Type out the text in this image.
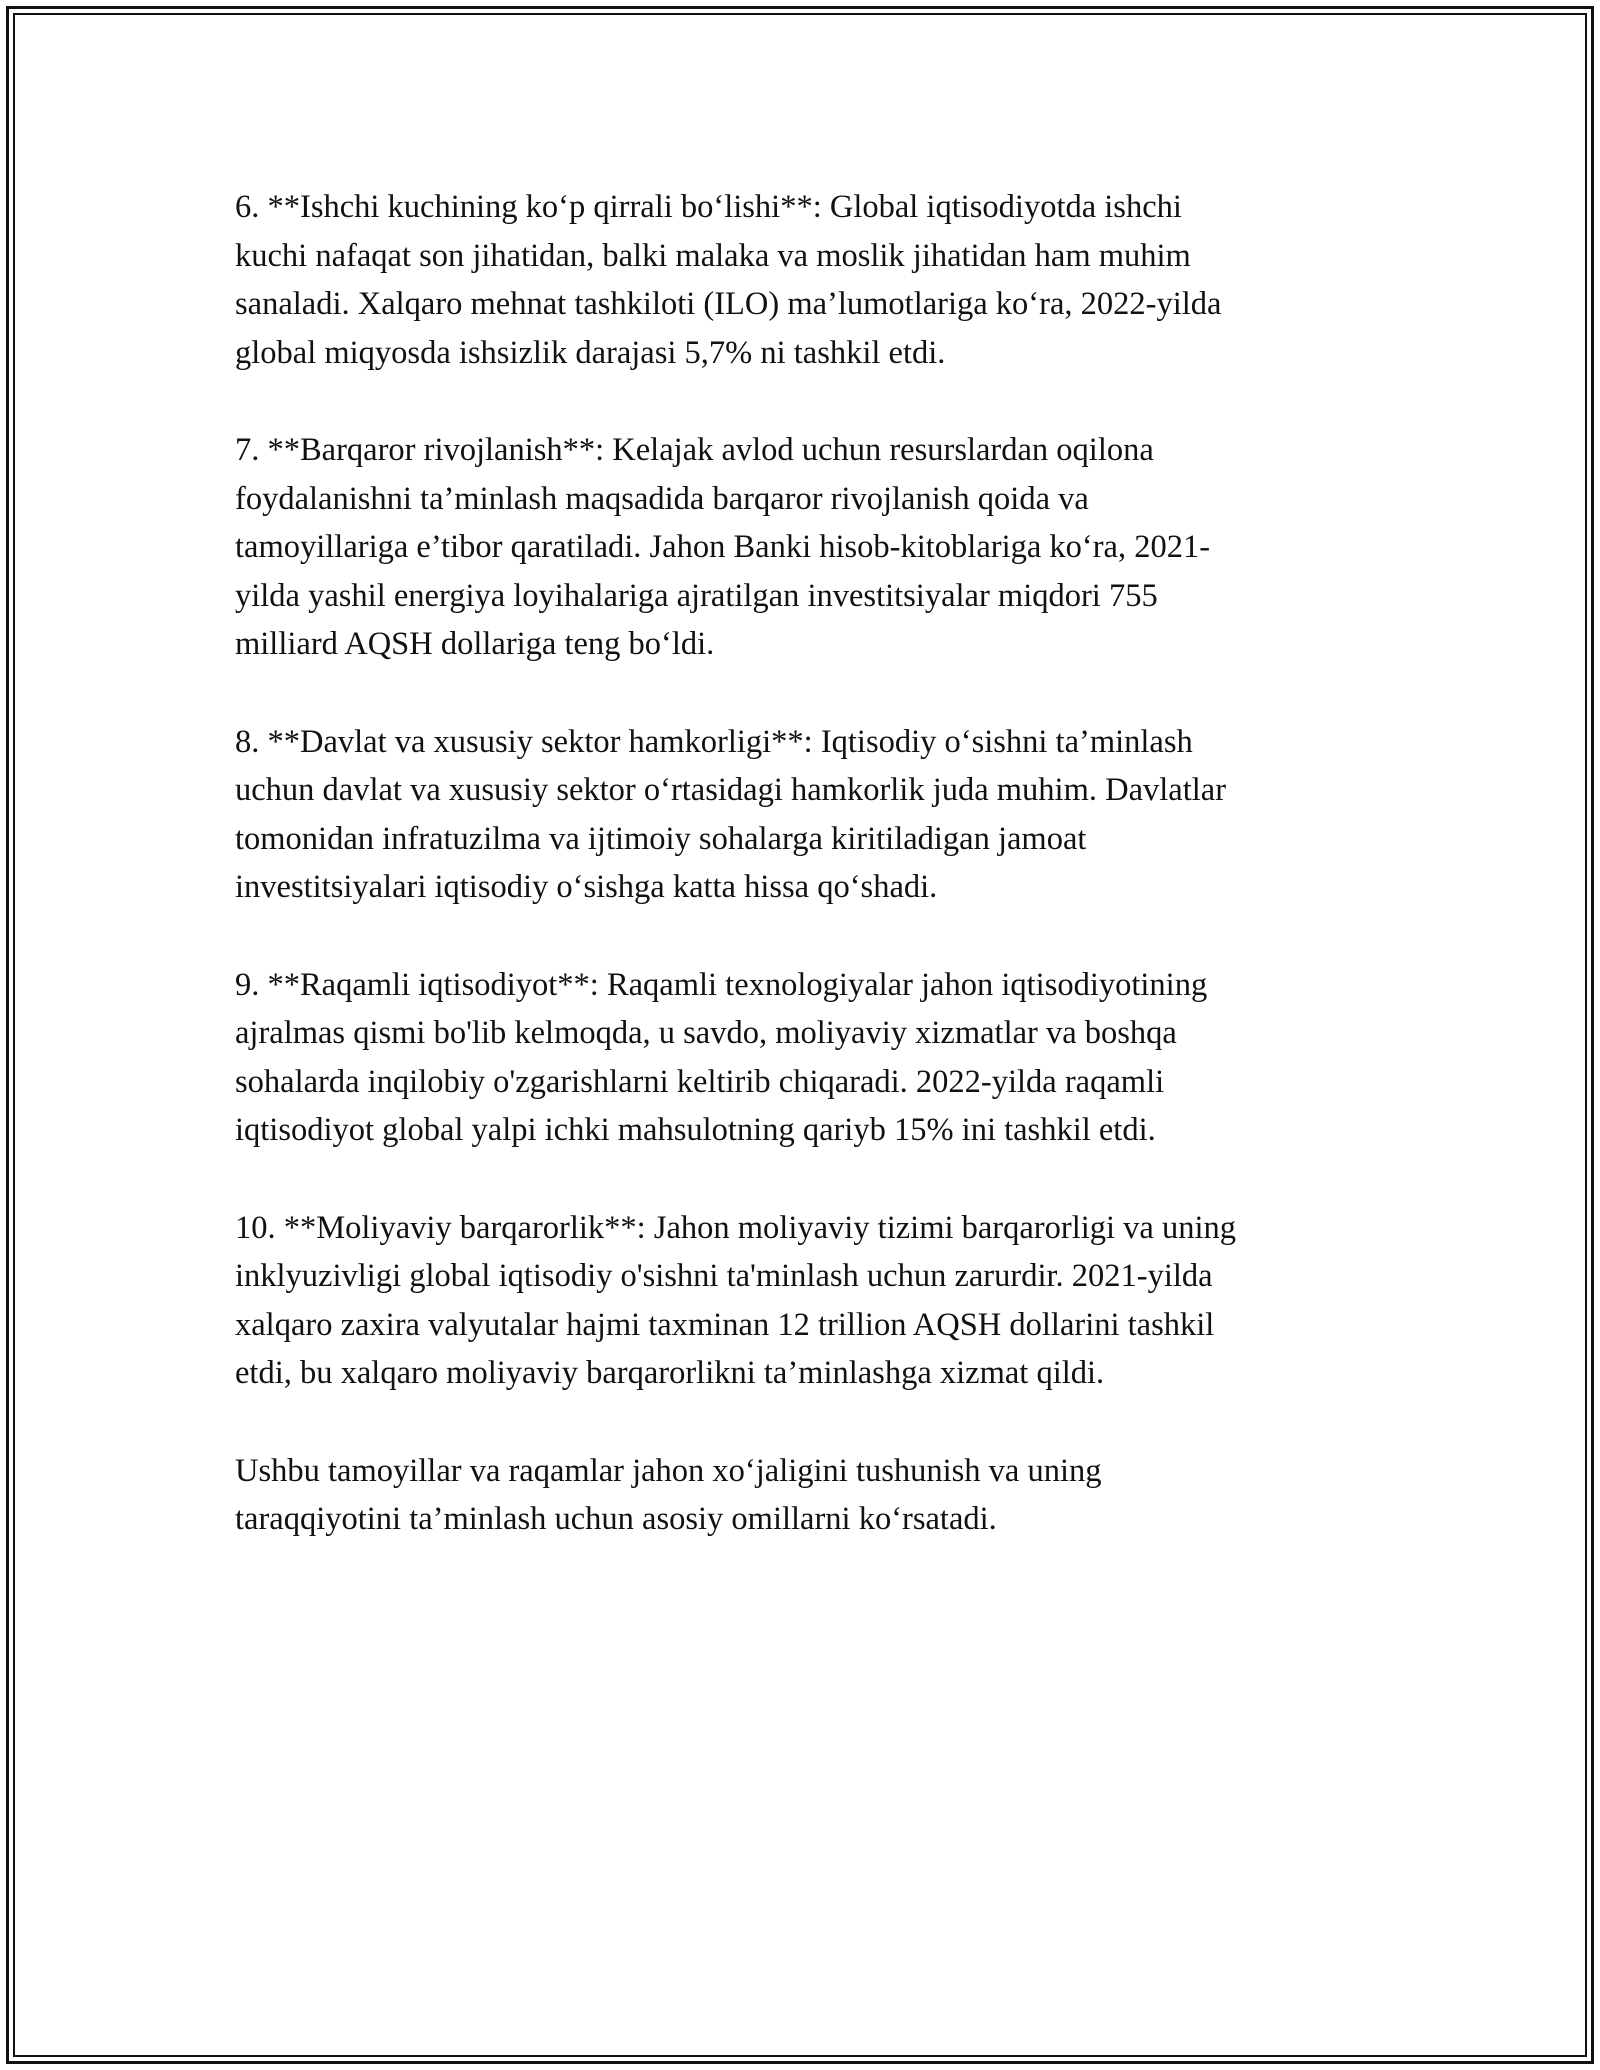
6. **Ishchi kuchining ko‘p qirrali bo‘lishi**: Global iqtisodiyotda ishchi
kuchi nafaqat son jihatidan, balki malaka va moslik jihatidan ham muhim
sanaladi. Xalqaro mehnat tashkiloti (ILO) ma’lumotlariga ko‘ra, 2022-yilda
global miqyosda ishsizlik darajasi 5,7% ni tashkil etdi.

7. **Barqaror rivojlanish**: Kelajak avlod uchun resurslardan oqilona
foydalanishni ta’minlash maqsadida barqaror rivojlanish qoida va
tamoyillariga e’tibor qaratiladi. Jahon Banki hisob-kitoblariga ko‘ra, 2021-
yilda yashil energiya loyihalariga ajratilgan investitsiyalar miqdori 755
milliard AQSH dollariga teng bo‘ldi.

8. **Davlat va xususiy sektor hamkorligi**: Iqtisodiy o‘sishni ta’minlash
uchun davlat va xususiy sektor o‘rtasidagi hamkorlik juda muhim. Davlatlar
tomonidan infratuzilma va ijtimoiy sohalarga kiritiladigan jamoat
investitsiyalari iqtisodiy o‘sishga katta hissa qo‘shadi.

9. **Raqamli iqtisodiyot**: Raqamli texnologiyalar jahon iqtisodiyotining
ajralmas qismi bo'lib kelmoqda, u savdo, moliyaviy xizmatlar va boshqa
sohalarda inqilobiy o'zgarishlarni keltirib chiqaradi. 2022-yilda raqamli
iqtisodiyot global yalpi ichki mahsulotning qariyb 15% ini tashkil etdi.

10. **Moliyaviy barqarorlik**: Jahon moliyaviy tizimi barqarorligi va uning
inklyuzivligi global iqtisodiy o'sishni ta'minlash uchun zarurdir. 2021-yilda
xalqaro zaxira valyutalar hajmi taxminan 12 trillion AQSH dollarini tashkil
etdi, bu xalqaro moliyaviy barqarorlikni ta’minlashga xizmat qildi.

Ushbu tamoyillar va raqamlar jahon xo‘jaligini tushunish va uning
taraqqiyotini ta’minlash uchun asosiy omillarni ko‘rsatadi.
